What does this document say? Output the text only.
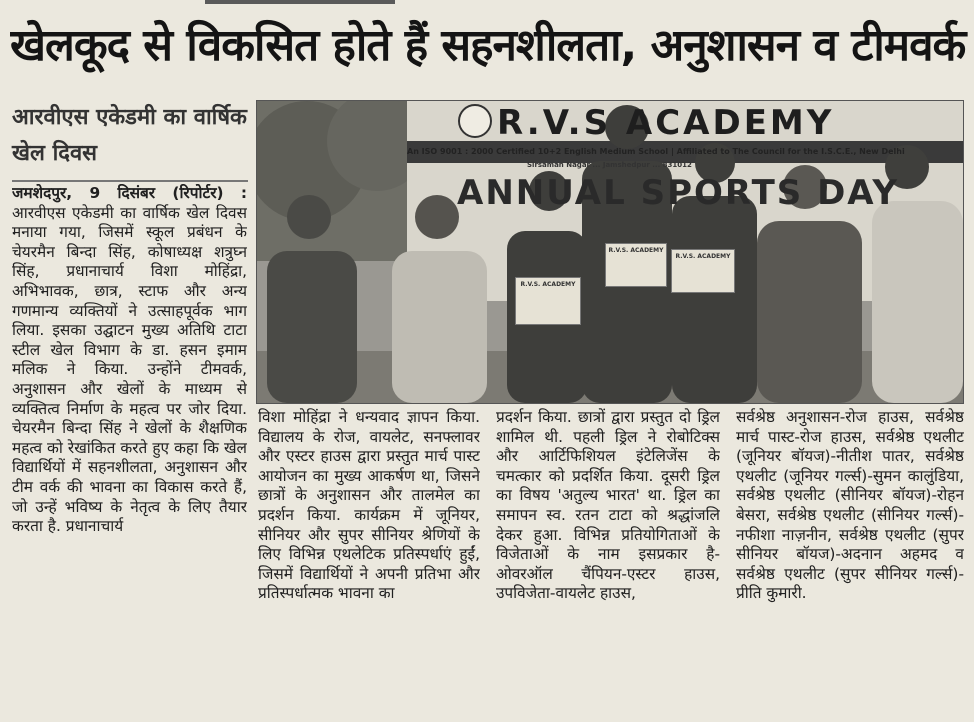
खेलकूद से विकसित होते हैं सहनशीलता, अनुशासन व टीमवर्क
आरवीएस एकेडमी का वार्षिक खेल दिवस
R.V.S ACADEMY
An ISO 9001 : 2000 Certified 10+2 English Medium School | Affiliated to The Council for the I.S.C.E., New Delhi
Sirsaman Nagar ... Jamshedpur ... 831012
ANNUAL SPORTS DAY
R.V.S. ACADEMY
R.V.S. ACADEMY
R.V.S. ACADEMY

जमशेदपुर, 9 दिसंबर (रिपोर्टर) : आरवीएस एकेडमी का वार्षिक खेल दिवस मनाया गया, जिसमें स्कूल प्रबंधन के चेयरमैन बिन्दा सिंह, कोषाध्यक्ष शत्रुघ्न सिंह, प्रधानाचार्य विशा मोहिंद्रा, अभिभावक, छात्र, स्टाफ और अन्य गणमान्य व्यक्तियों ने उत्साहपूर्वक भाग लिया. इसका उद्घाटन मुख्य अतिथि टाटा स्टील खेल विभाग के डा. हसन इमाम मलिक ने किया. उन्होंने टीमवर्क, अनुशासन और खेलों के माध्यम से व्यक्तित्व निर्माण के महत्व पर जोर दिया. चेयरमैन बिन्दा सिंह ने खेलों के शैक्षणिक महत्व को रेखांकित करते हुए कहा कि खेल विद्यार्थियों में सहनशीलता, अनुशासन और टीम वर्क की भावना का विकास करते हैं, जो उन्हें भविष्य के नेतृत्व के लिए तैयार करता है. प्रधानाचार्य

विशा मोहिंद्रा ने धन्यवाद ज्ञापन किया. विद्यालय के रोज, वायलेट, सनफ्लावर और एस्टर हाउस द्वारा प्रस्तुत मार्च पास्ट आयोजन का मुख्य आकर्षण था, जिसने छात्रों के अनुशासन और तालमेल का प्रदर्शन किया. कार्यक्रम में जूनियर, सीनियर और सुपर सीनियर श्रेणियों के लिए विभिन्न एथलेटिक प्रतिस्पर्धाएं हुईं, जिसमें विद्यार्थियों ने अपनी प्रतिभा और प्रतिस्पर्धात्मक भावना का

प्रदर्शन किया. छात्रों द्वारा प्रस्तुत दो ड्रिल शामिल थी. पहली ड्रिल ने रोबोटिक्स और आर्टिफिशियल इंटेलिजेंस के चमत्कार को प्रदर्शित किया. दूसरी ड्रिल का विषय 'अतुल्य भारत' था. ड्रिल का समापन स्व. रतन टाटा को श्रद्धांजलि देकर हुआ. विभिन्न प्रतियोगिताओं के विजेताओं के नाम इसप्रकार है- ओवरऑल चैंपियन-एस्टर हाउस, उपविजेता-वायलेट हाउस,

सर्वश्रेष्ठ अनुशासन-रोज हाउस, सर्वश्रेष्ठ मार्च पास्ट-रोज हाउस, सर्वश्रेष्ठ एथलीट (जूनियर बॉयज)-नीतीश पातर, सर्वश्रेष्ठ एथलीट (जूनियर गर्ल्स)-सुमन कालुंडिया, सर्वश्रेष्ठ एथलीट (सीनियर बॉयज)-रोहन बेसरा, सर्वश्रेष्ठ एथलीट (सीनियर गर्ल्स)-नफीशा नाज़नीन, सर्वश्रेष्ठ एथलीट (सुपर सीनियर बॉयज)-अदनान अहमद व सर्वश्रेष्ठ एथलीट (सुपर सीनियर गर्ल्स)-प्रीति कुमारी.
